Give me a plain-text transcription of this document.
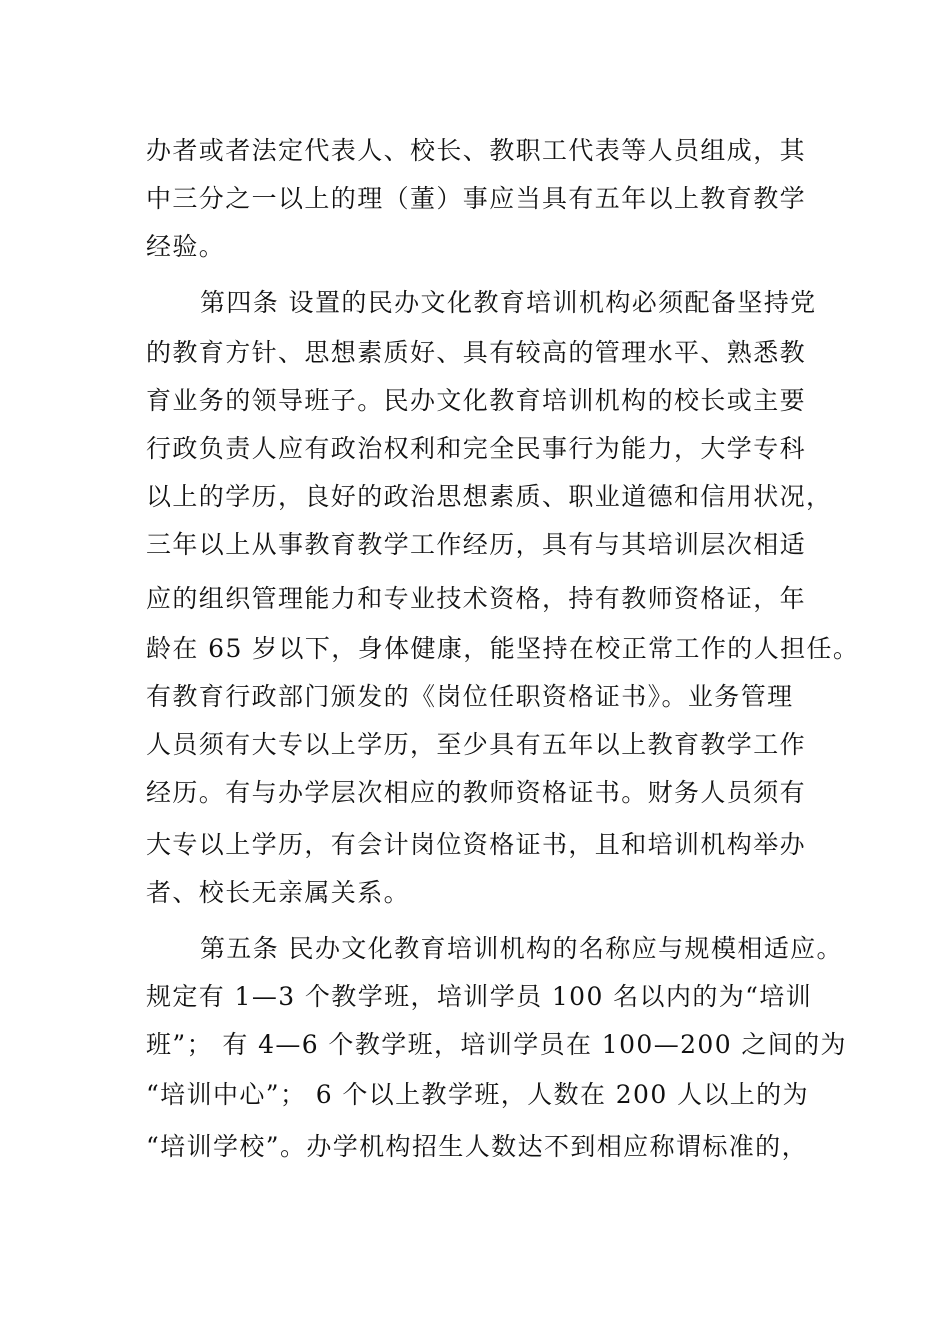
办者或者法定代表人、校长、教职工代表等人员组成，其
中三分之一以上的理（董）事应当具有五年以上教育教学
经验。
第四条 设置的民办文化教育培训机构必须配备坚持党
的教育方针、思想素质好、具有较高的管理水平、熟悉教
育业务的领导班子。民办文化教育培训机构的校长或主要
行政负责人应有政治权利和完全民事行为能力，大学专科
以上的学历，良好的政治思想素质、职业道德和信用状况，
三年以上从事教育教学工作经历，具有与其培训层次相适
应的组织管理能力和专业技术资格，持有教师资格证，年
龄在 65 岁以下，身体健康，能坚持在校正常工作的人担任。
有教育行政部门颁发的《岗位任职资格证书》。业务管理
人员须有大专以上学历，至少具有五年以上教育教学工作
经历。有与办学层次相应的教师资格证书。财务人员须有
大专以上学历，有会计岗位资格证书，且和培训机构举办
者、校长无亲属关系。
第五条 民办文化教育培训机构的名称应与规模相适应。
规定有 1—3 个教学班，培训学员 100 名以内的为“培训
班”； 有 4—6 个教学班，培训学员在 100—200 之间的为
“培训中心”； 6 个以上教学班，人数在 200 人以上的为
“培训学校”。办学机构招生人数达不到相应称谓标准的，
